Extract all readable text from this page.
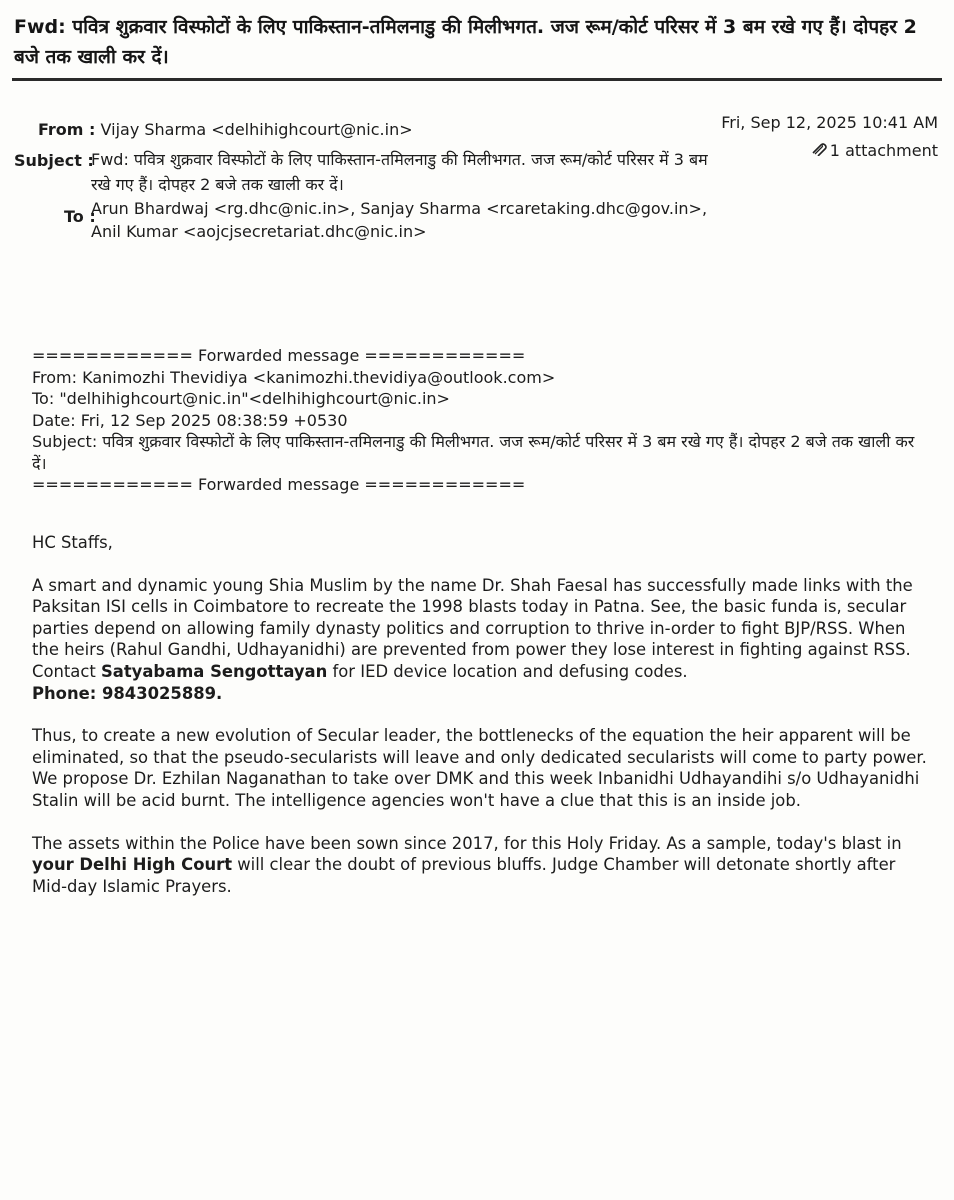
Fwd: पवित्र शुक्रवार विस्फोटों के लिए पाकिस्तान-तमिलनाडु की मिलीभगत. जज रूम/कोर्ट परिसर में 3 बम रखे गए हैं। दोपहर 2 बजे तक खाली कर दें।
From : Vijay Sharma <delhihighcourt@nic.in>	Fri, Sep 12, 2025 10:41 AM
1 attachment
Subject :
Fwd: पवित्र शुक्रवार विस्फोटों के लिए पाकिस्तान-तमिलनाडु की मिलीभगत. जज रूम/कोर्ट परिसर में 3 बम रखे गए हैं। दोपहर 2 बजे तक खाली कर दें।
To :
Arun Bhardwaj <rg.dhc@nic.in>, Sanjay Sharma <rcaretaking.dhc@gov.in>, Anil Kumar <aojcjsecretariat.dhc@nic.in>
============ Forwarded message ============
From: Kanimozhi Thevidiya <kanimozhi.thevidiya@outlook.com>
To: "delhihighcourt@nic.in"<delhihighcourt@nic.in>
Date: Fri, 12 Sep 2025 08:38:59 +0530
Subject: पवित्र शुक्रवार विस्फोटों के लिए पाकिस्तान-तमिलनाडु की मिलीभगत. जज रूम/कोर्ट परिसर में 3 बम रखे गए हैं। दोपहर 2 बजे तक खाली कर दें।
============ Forwarded message ============

HC Staffs,

A smart and dynamic young Shia Muslim by the name Dr. Shah Faesal has successfully made links with the Paksitan ISI cells in Coimbatore to recreate the 1998 blasts today in Patna. See, the basic funda is, secular parties depend on allowing family dynasty politics and corruption to thrive in-order to fight BJP/RSS. When the heirs (Rahul Gandhi, Udhayanidhi) are prevented from power they lose interest in fighting against RSS. Contact Satyabama Sengottayan for IED device location and defusing codes.
Phone: 9843025889.

Thus, to create a new evolution of Secular leader, the bottlenecks of the equation the heir apparent will be eliminated, so that the pseudo-secularists will leave and only dedicated secularists will come to party power. We propose Dr. Ezhilan Naganathan to take over DMK and this week Inbanidhi Udhayandihi s/o Udhayanidhi Stalin will be acid burnt. The intelligence agencies won't have a clue that this is an inside job.

The assets within the Police have been sown since 2017, for this Holy Friday. As a sample, today's blast in your Delhi High Court will clear the doubt of previous bluffs. Judge Chamber will detonate shortly after Mid-day Islamic Prayers.
